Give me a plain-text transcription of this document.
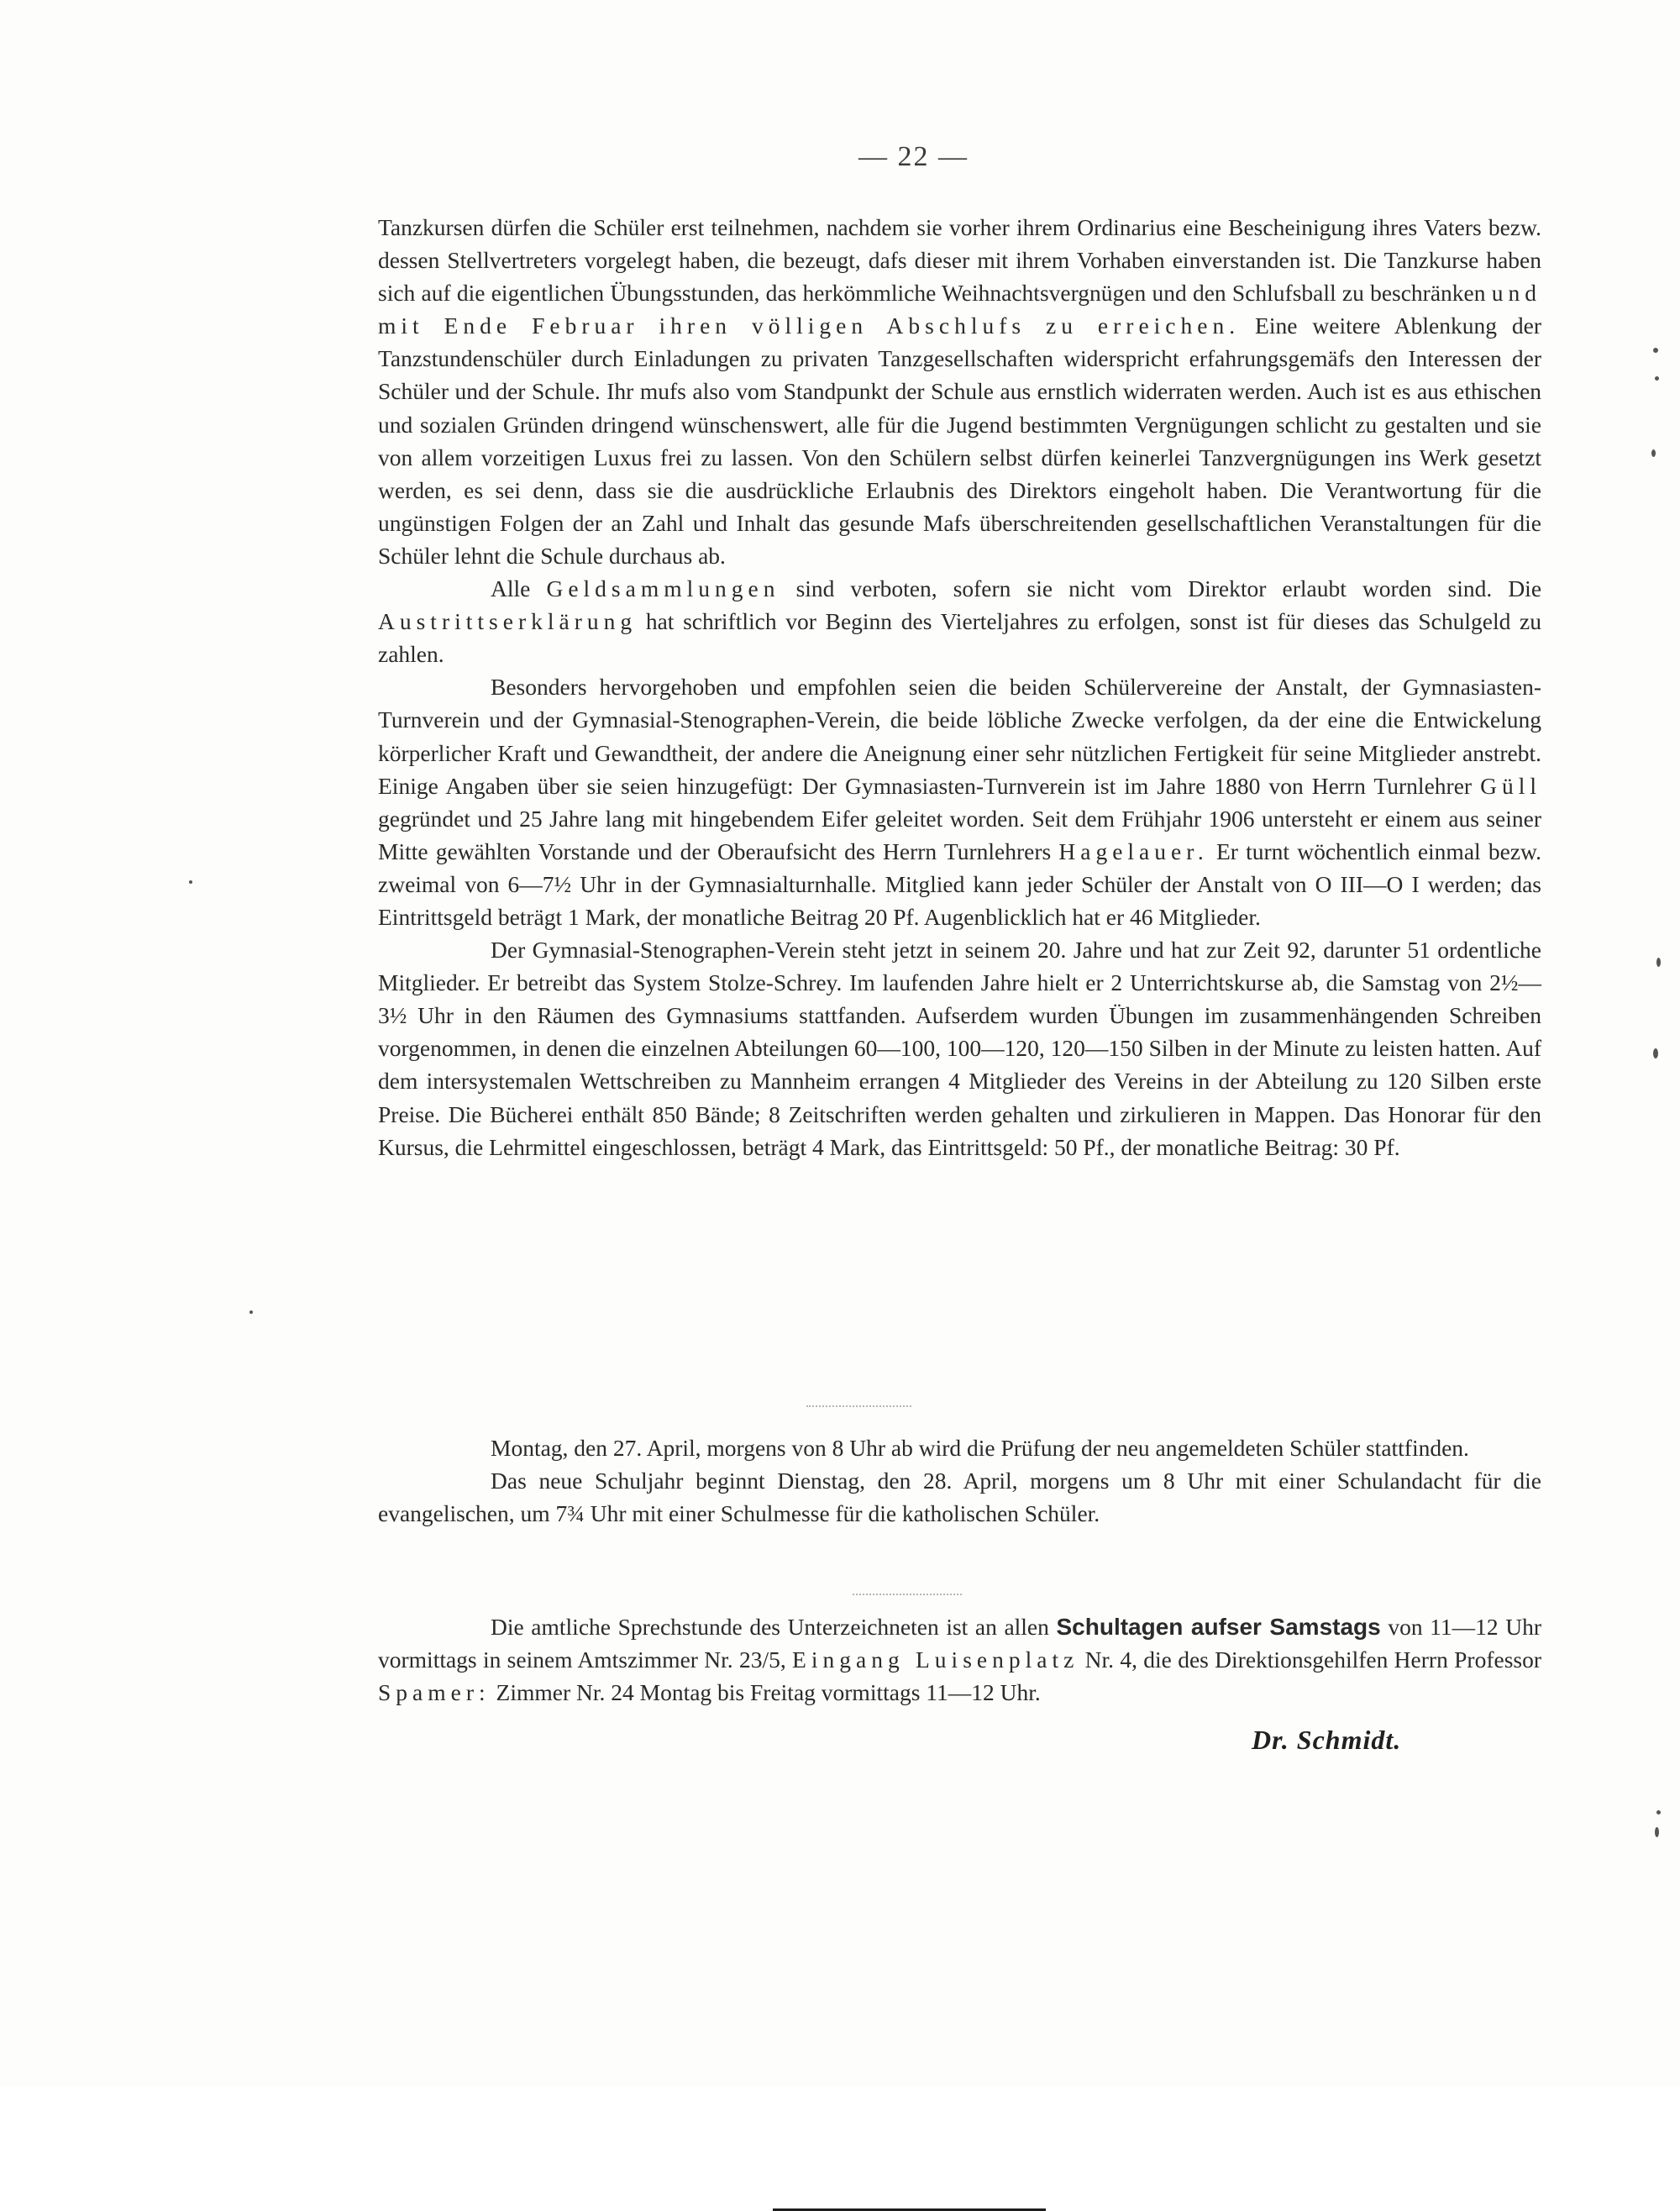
— 22 —

Tanzkursen dürfen die Schüler erst teilnehmen, nachdem sie vorher ihrem Ordinarius eine Bescheinigung ihres Vaters bezw. dessen Stellvertreters vorgelegt haben, die bezeugt, dafs dieser mit ihrem Vorhaben einverstanden ist. Die Tanzkurse haben sich auf die eigentlichen Übungsstunden, das herkömmliche Weihnachtsvergnügen und den Schlufsball zu beschränken und mit Ende Februar ihren völligen Abschlufs zu erreichen. Eine weitere Ablenkung der Tanzstundenschüler durch Einladungen zu privaten Tanzgesellschaften widerspricht erfahrungsgemäfs den Interessen der Schüler und der Schule. Ihr mufs also vom Standpunkt der Schule aus ernstlich widerraten werden. Auch ist es aus ethischen und sozialen Gründen dringend wünschenswert, alle für die Jugend bestimmten Vergnügungen schlicht zu gestalten und sie von allem vorzeitigen Luxus frei zu lassen. Von den Schülern selbst dürfen keinerlei Tanzvergnügungen ins Werk gesetzt werden, es sei denn, dass sie die ausdrückliche Erlaubnis des Direktors eingeholt haben. Die Verantwortung für die ungünstigen Folgen der an Zahl und Inhalt das gesunde Mafs überschreitenden gesellschaftlichen Veranstaltungen für die Schüler lehnt die Schule durchaus ab.

Alle Geldsammlungen sind verboten, sofern sie nicht vom Direktor erlaubt worden sind. Die Austrittserklärung hat schriftlich vor Beginn des Vierteljahres zu erfolgen, sonst ist für dieses das Schulgeld zu zahlen.

Besonders hervorgehoben und empfohlen seien die beiden Schülervereine der Anstalt, der Gymnasiasten-Turnverein und der Gymnasial-Stenographen-Verein, die beide löbliche Zwecke verfolgen, da der eine die Entwickelung körperlicher Kraft und Gewandtheit, der andere die Aneignung einer sehr nützlichen Fertigkeit für seine Mitglieder anstrebt. Einige Angaben über sie seien hinzugefügt: Der Gymnasiasten-Turnverein ist im Jahre 1880 von Herrn Turnlehrer Güll gegründet und 25 Jahre lang mit hingebendem Eifer geleitet worden. Seit dem Frühjahr 1906 untersteht er einem aus seiner Mitte gewählten Vorstande und der Oberaufsicht des Herrn Turnlehrers Hagelauer. Er turnt wöchentlich einmal bezw. zweimal von 6—7½ Uhr in der Gymnasialturnhalle. Mitglied kann jeder Schüler der Anstalt von O III—O I werden; das Eintrittsgeld beträgt 1 Mark, der monatliche Beitrag 20 Pf. Augenblicklich hat er 46 Mitglieder.

Der Gymnasial-Stenographen-Verein steht jetzt in seinem 20. Jahre und hat zur Zeit 92, darunter 51 ordentliche Mitglieder. Er betreibt das System Stolze-Schrey. Im laufenden Jahre hielt er 2 Unterrichtskurse ab, die Samstag von 2½—3½ Uhr in den Räumen des Gymnasiums stattfanden. Aufserdem wurden Übungen im zusammenhängenden Schreiben vorgenommen, in denen die einzelnen Abteilungen 60—100, 100—120, 120—150 Silben in der Minute zu leisten hatten. Auf dem intersystemalen Wettschreiben zu Mannheim errangen 4 Mitglieder des Vereins in der Abteilung zu 120 Silben erste Preise. Die Bücherei enthält 850 Bände; 8 Zeitschriften werden gehalten und zirkulieren in Mappen. Das Honorar für den Kursus, die Lehrmittel eingeschlossen, beträgt 4 Mark, das Eintrittsgeld: 50 Pf., der monatliche Beitrag: 30 Pf.

Montag, den 27. April, morgens von 8 Uhr ab wird die Prüfung der neu angemeldeten Schüler stattfinden.

Das neue Schuljahr beginnt Dienstag, den 28. April, morgens um 8 Uhr mit einer Schulandacht für die evangelischen, um 7¾ Uhr mit einer Schulmesse für die katholischen Schüler.

Die amtliche Sprechstunde des Unterzeichneten ist an allen Schultagen aufser Samstags von 11—12 Uhr vormittags in seinem Amtszimmer Nr. 23/5, Eingang Luisenplatz Nr. 4, die des Direktionsgehilfen Herrn Professor Spamer: Zimmer Nr. 24 Montag bis Freitag vormittags 11—12 Uhr.

Dr. Schmidt.
